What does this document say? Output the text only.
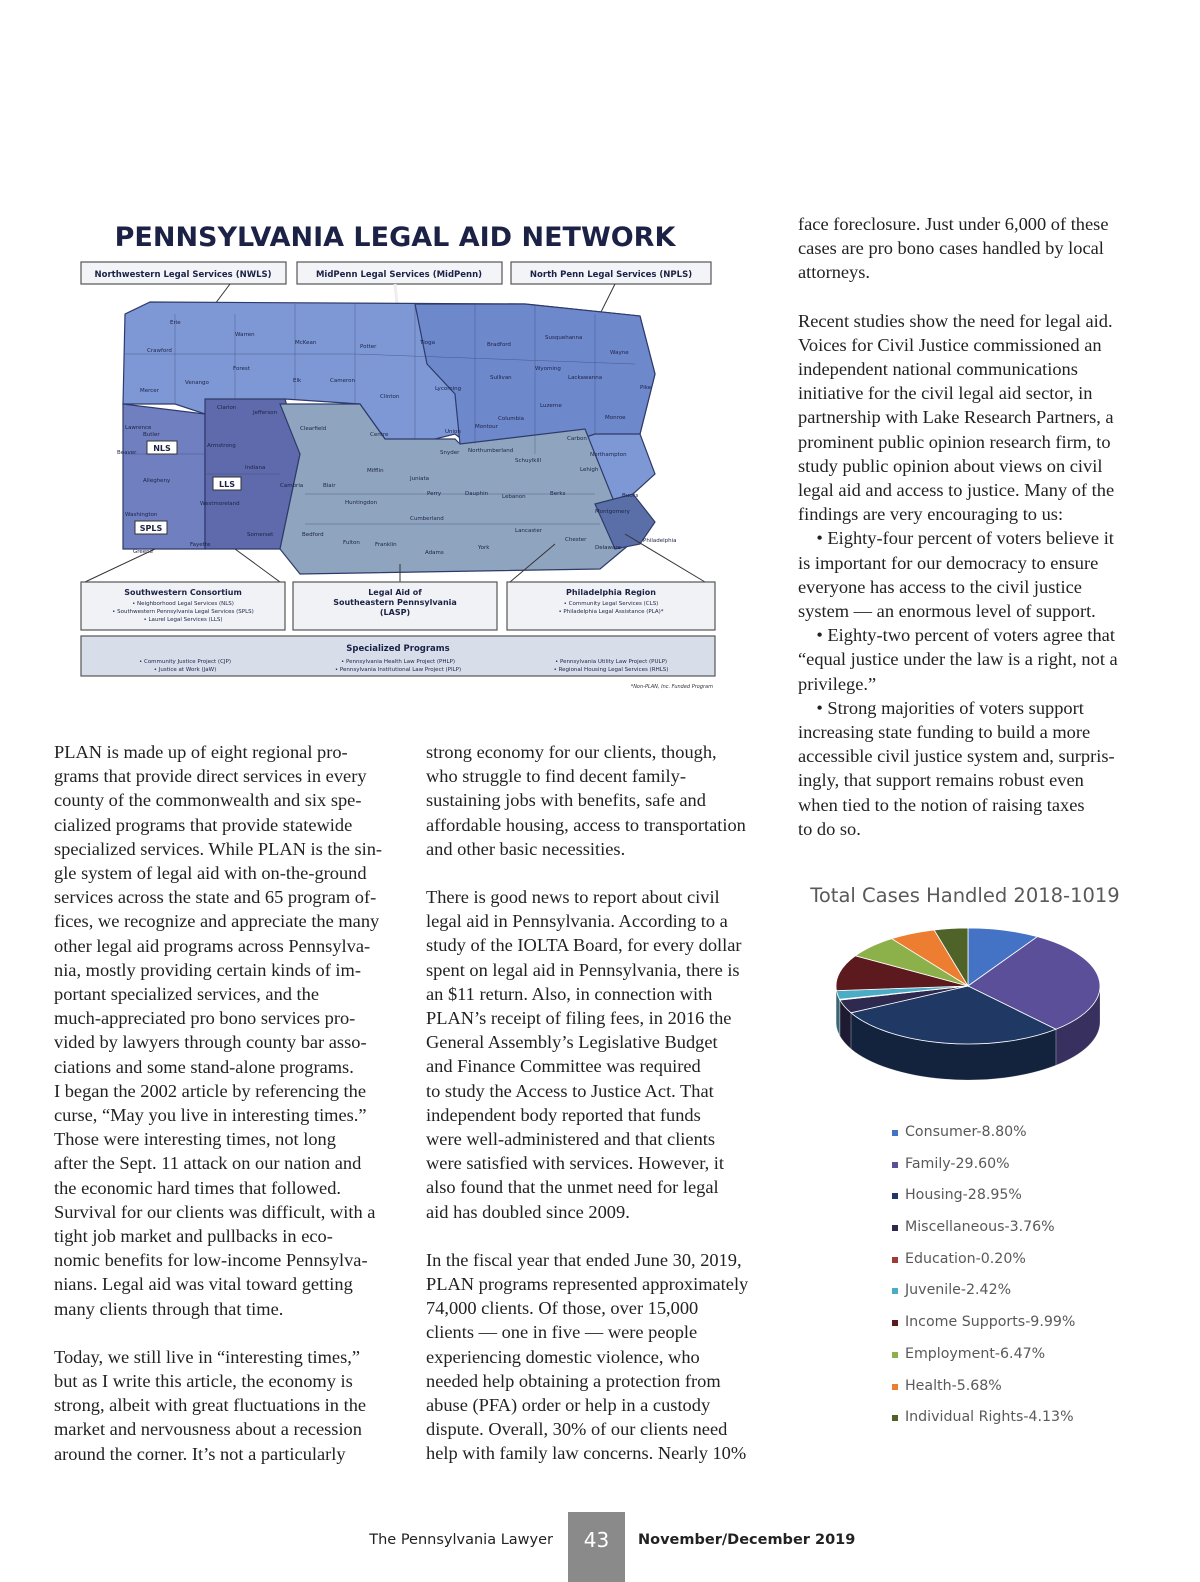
PENNSYLVANIA LEGAL AID NETWORK
Northwestern Legal Services (NWLS)	MidPenn Legal Services (MidPenn)	North Penn Legal Services (NPLS)
Erie
Warren
McKean
Potter
Tioga	Bradford
Susquehanna
Wayne
Crawford
Forest
Elk	Cameron	Sullivan
Wyoming
Lackawanna
Pike
Mercer
Venango
Clinton
Lycoming
Luzerne
Clarion
Jefferson
Lawrence
Butler
Clearfield
Centre	Union
Montour
Columbia	Monroe
Armstrong
Snyder Northumberland
Carbon
Beaver
Indiana	Mifflin
Juniata
Schuylkill
Northampton
Lehigh
Allegheny
Cambria	Blair
Perry	Dauphin	Lebanon	Berks	Bucks
Westmoreland	Huntingdon
Cumberland
Montgomery
Washington
Somerset	Bedford
Fulton	Franklin
Adams
York
Lancaster
Chester
Delaware
Philadelphia
Greene
Fayette
NLS
LLS
SPLS
Southwestern Consortium
• Neighborhood Legal Services (NLS)
• Southwestern Pennsylvania Legal Services (SPLS)
• Laurel Legal Services (LLS)
Legal Aid of
Southeastern Pennsylvania
(LASP)
Philadelphia Region
• Community Legal Services (CLS)
• Philadelphia Legal Assistance (PLA)*
Specialized Programs
• Community Justice Project (CJP)
• Justice at Work (JaW)
• Pennsylvania Health Law Project (PHLP)
• Pennsylvania Institutional Law Project (PILP)
• Pennsylvania Utility Law Project (PULP)
• Regional Housing Legal Services (RHLS)
*Non-PLAN, Inc. Funded Program

PLAN is made up of eight regional pro-

grams that provide direct services in every

county of the commonwealth and six spe-

cialized programs that provide statewide

specialized services. While PLAN is the sin-

gle system of legal aid with on-the-ground

services across the state and 65 program of-

fices, we recognize and appreciate the many

other legal aid programs across Pennsylva-

nia, mostly providing certain kinds of im-

portant specialized services, and the

much-appreciated pro bono services pro-

vided by lawyers through county bar asso-

ciations and some stand-alone programs.

I began the 2002 article by referencing the

curse, “May you live in interesting times.”

Those were interesting times, not long

after the Sept. 11 attack on our nation and

the economic hard times that followed.

Survival for our clients was difficult, with a

tight job market and pullbacks in eco-

nomic benefits for low-income Pennsylva-

nians. Legal aid was vital toward getting

many clients through that time.

Today, we still live in “interesting times,”

but as I write this article, the economy is

strong, albeit with great fluctuations in the

market and nervousness about a recession

around the corner. It’s not a particularly

strong economy for our clients, though,

who struggle to find decent family-

sustaining jobs with benefits, safe and

affordable housing, access to transportation

and other basic necessities.

There is good news to report about civil

legal aid in Pennsylvania. According to a

study of the IOLTA Board, for every dollar

spent on legal aid in Pennsylvania, there is

an $11 return. Also, in connection with

PLAN’s receipt of filing fees, in 2016 the

General Assembly’s Legislative Budget

and Finance Committee was required

to study the Access to Justice Act. That

independent body reported that funds

were well-administered and that clients

were satisfied with services. However, it

also found that the unmet need for legal

aid has doubled since 2009.

In the fiscal year that ended June 30, 2019,

PLAN programs represented approximately

74,000 clients. Of those, over 15,000

clients — one in five — were people

experiencing domestic violence, who

needed help obtaining a protection from

abuse (PFA) order or help in a custody

dispute. Overall, 30% of our clients need

help with family law concerns. Nearly 10%

face foreclosure. Just under 6,000 of these

cases are pro bono cases handled by local

attorneys.

Recent studies show the need for legal aid.

Voices for Civil Justice commissioned an

independent national communications

initiative for the civil legal aid sector, in

partnership with Lake Research Partners, a

prominent public opinion research firm, to

study public opinion about views on civil

legal aid and access to justice. Many of the

findings are very encouraging to us:

• Eighty-four percent of voters believe it

is important for our democracy to ensure

everyone has access to the civil justice

system — an enormous level of support.

• Eighty-two percent of voters agree that

“equal justice under the law is a right, not a

privilege.”

• Strong majorities of voters support

increasing state funding to build a more

accessible civil justice system and, surpris-

ingly, that support remains robust even

when tied to the notion of raising taxes

to do so.

Total Cases Handled 2018-1019
Consumer-8.80%
Family-29.60%
Housing-28.95%
Miscellaneous-3.76%
Education-0.20%
Juvenile-2.42%
Income Supports-9.99%
Employment-6.47%
Health-5.68%
Individual Rights-4.13%
The Pennsylvania Lawyer	43	November/December 2019
